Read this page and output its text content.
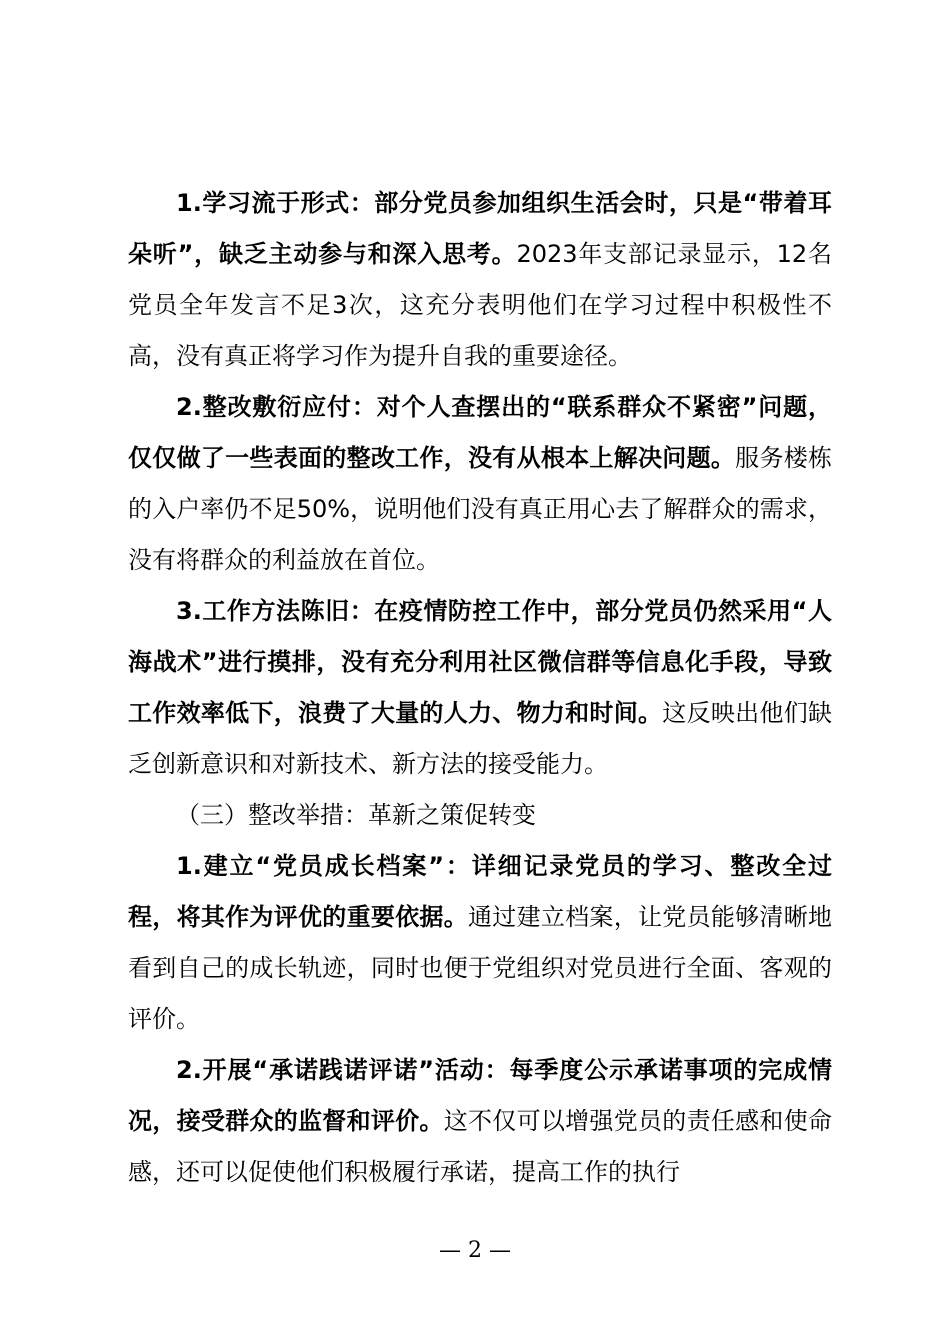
1.学习流于形式：部分党员参加组织生活会时，只是“带着耳朵听”，缺乏主动参与和深入思考。2023年支部记录显示，12名党员全年发言不足3次，这充分表明他们在学习过程中积极性不高，没有真正将学习作为提升自我的重要途径。

2.整改敷衍应付：对个人查摆出的“联系群众不紧密”问题，仅仅做了一些表面的整改工作，没有从根本上解决问题。服务楼栋的入户率仍不足50%，说明他们没有真正用心去了解群众的需求，没有将群众的利益放在首位。

3.工作方法陈旧：在疫情防控工作中，部分党员仍然采用“人海战术”进行摸排，没有充分利用社区微信群等信息化手段，导致工作效率低下，浪费了大量的人力、物力和时间。这反映出他们缺乏创新意识和对新技术、新方法的接受能力。

（三）整改举措：革新之策促转变

1.建立“党员成长档案”：详细记录党员的学习、整改全过程，将其作为评优的重要依据。通过建立档案，让党员能够清晰地看到自己的成长轨迹，同时也便于党组织对党员进行全面、客观的评价。

2.开展“承诺践诺评诺”活动：每季度公示承诺事项的完成情况，接受群众的监督和评价。这不仅可以增强党员的责任感和使命感，还可以促使他们积极履行承诺，提高工作的执行

— 2 —
